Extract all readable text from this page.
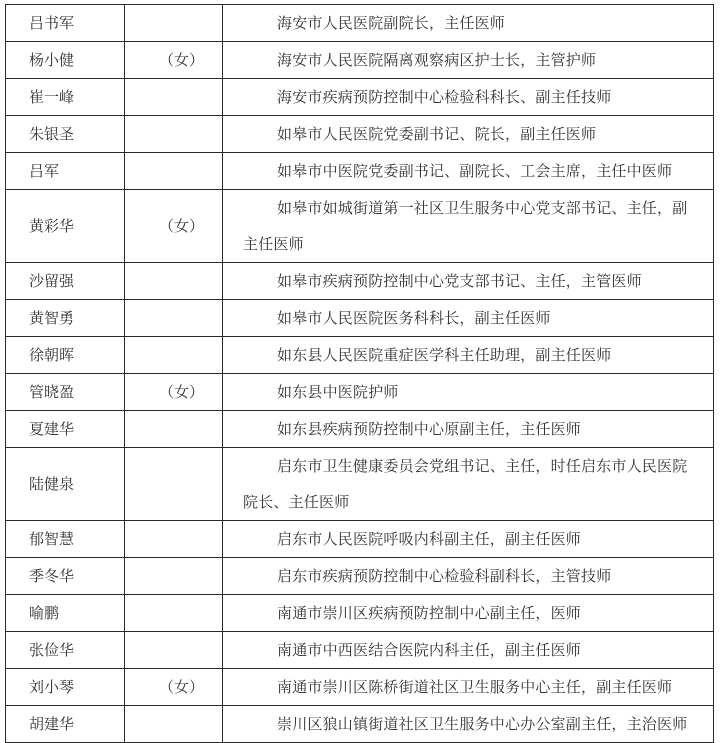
吕书军		海安市人民医院副院长，主任医师
杨小健	（女）	海安市人民医院隔离观察病区护士长，主管护师
崔一峰		海安市疾病预防控制中心检验科科长、副主任技师
朱银圣		如皋市人民医院党委副书记、院长，副主任医师
吕军		如皋市中医院党委副书记、副院长、工会主席，主任中医师
黄彩华	（女）	如皋市如城街道第一社区卫生服务中心党支部书记、主任，副主任医师
沙留强		如皋市疾病预防控制中心党支部书记、主任，主管医师
黄智勇		如皋市人民医院医务科科长，副主任医师
徐朝晖		如东县人民医院重症医学科主任助理，副主任医师
管晓盈	（女）	如东县中医院护师
夏建华		如东县疾病预防控制中心原副主任，主任医师
陆健泉		启东市卫生健康委员会党组书记、主任，时任启东市人民医院院长、主任医师
郁智慧		启东市人民医院呼吸内科副主任，副主任医师
季冬华		启东市疾病预防控制中心检验科副科长，主管技师
喻鹏		南通市崇川区疾病预防控制中心副主任，医师
张俭华		南通市中西医结合医院内科主任，副主任医师
刘小琴	（女）	南通市崇川区陈桥街道社区卫生服务中心主任，副主任医师
胡建华		崇川区狼山镇街道社区卫生服务中心办公室副主任，主治医师
